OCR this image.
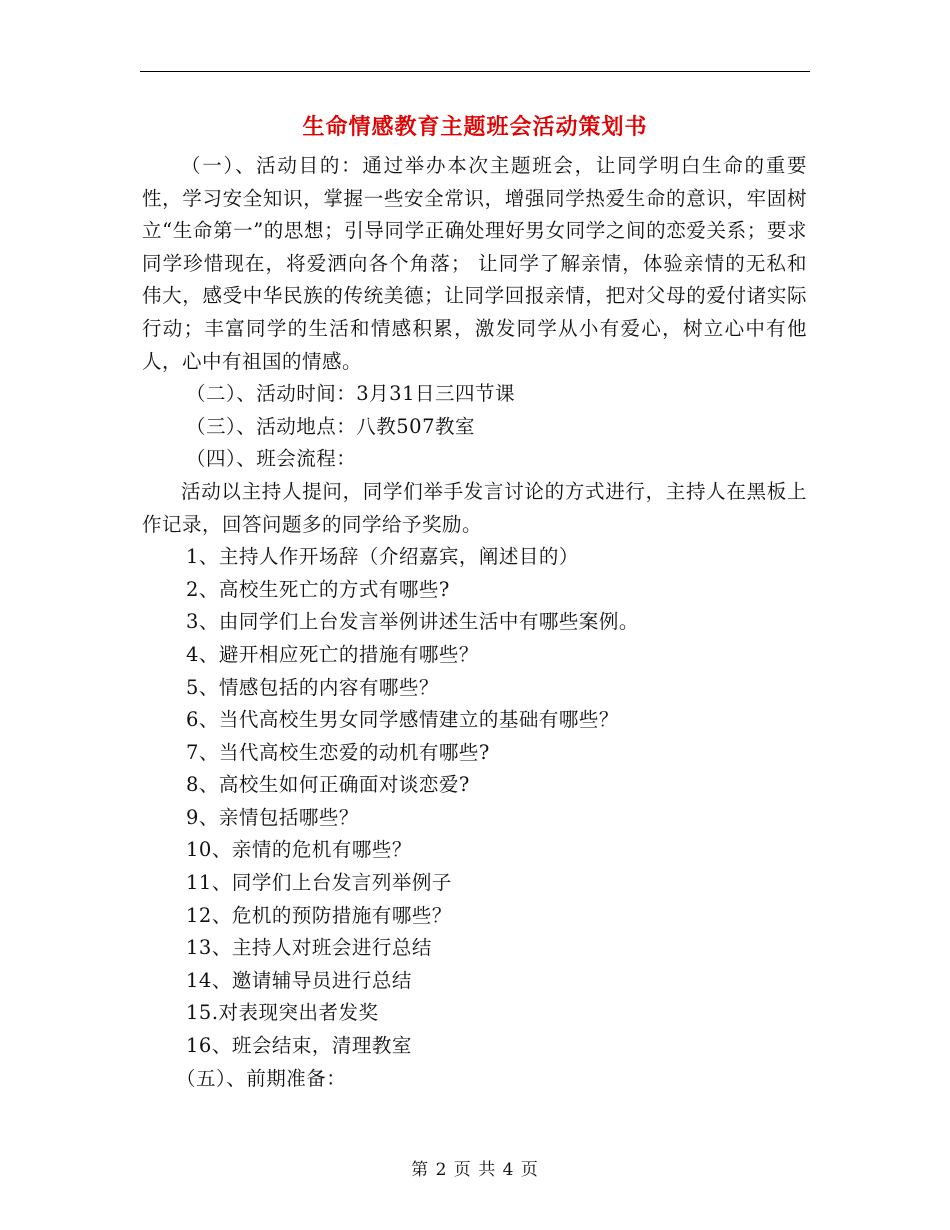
生命情感教育主题班会活动策划书

（一）、活动目的：通过举办本次主题班会，让同学明白生命的重要性，学习安全知识，掌握一些安全常识，增强同学热爱生命的意识，牢固树立“生命第一”的思想；引导同学正确处理好男女同学之间的恋爱关系；要求同学珍惜现在，将爱洒向各个角落； 让同学了解亲情，体验亲情的无私和伟大，感受中华民族的传统美德；让同学回报亲情，把对父母的爱付诸实际行动；丰富同学的生活和情感积累，激发同学从小有爱心，树立心中有他人，心中有祖国的情感。

（二）、活动时间：3月31日三四节课

（三）、活动地点：八教507教室

（四）、班会流程：

活动以主持人提问，同学们举手发言讨论的方式进行，主持人在黑板上作记录，回答问题多的同学给予奖励。

1、主持人作开场辞（介绍嘉宾，阐述目的）

2、高校生死亡的方式有哪些?

3、由同学们上台发言举例讲述生活中有哪些案例。

4、避开相应死亡的措施有哪些？

5、情感包括的内容有哪些？

6、当代高校生男女同学感情建立的基础有哪些？

7、当代高校生恋爱的动机有哪些?

8、高校生如何正确面对谈恋爱?

9、亲情包括哪些？

10、亲情的危机有哪些？

11、同学们上台发言列举例子

12、危机的预防措施有哪些？

13、主持人对班会进行总结

14、邀请辅导员进行总结

15.对表现突出者发奖

16、班会结束，清理教室

（五）、前期准备：

第 2 页 共 4 页
